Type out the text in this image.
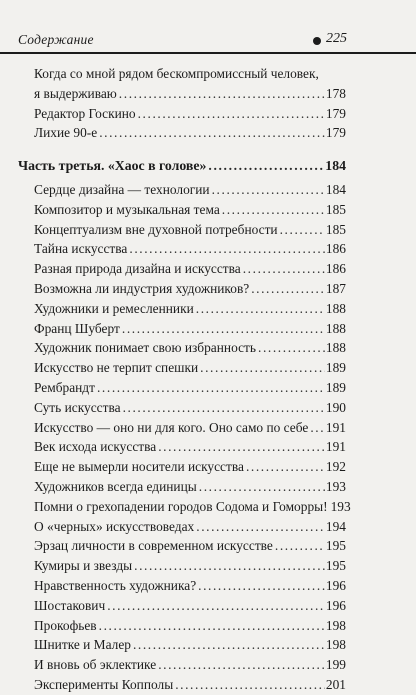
Содержание	225
Когда со мной рядом бескомпромиссный человек,
я выдерживаю .....	178
Редактор Госкино .....	179
Лихие 90-е .....	179
Часть третья. «Хаос в голове» .....	184
Сердце дизайна — технологии .....	184
Композитор и музыкальная тема .....	185
Концептуализм вне духовной потребности .....	185
Тайна искусства .....	186
Разная природа дизайна и искусства .....	186
Возможна ли индустрия художников? .....	187
Художники и ремесленники .....	188
Франц Шуберт .....	188
Художник понимает свою избранность .....	188
Искусство не терпит спешки .....	189
Рембрандт .....	189
Суть искусства .....	190
Искусство — оно ни для кого. Оно само по себе ..... 191
Век исхода искусства .....	191
Еще не вымерли носители искусства .....	192
Художников всегда единицы .....	193
Помни о грехопадении городов Содома и Гоморры! 193
О «черных» искусствоведах .....	194
Эрзац личности в современном искусстве .....	195
Кумиры и звезды .....	195
Нравственность художника? .....	196
Шостакович .....	196
Прокофьев .....	198
Шнитке и Малер .....	198
И вновь об эклектике .....	199
Эксперименты Копполы .....	201
